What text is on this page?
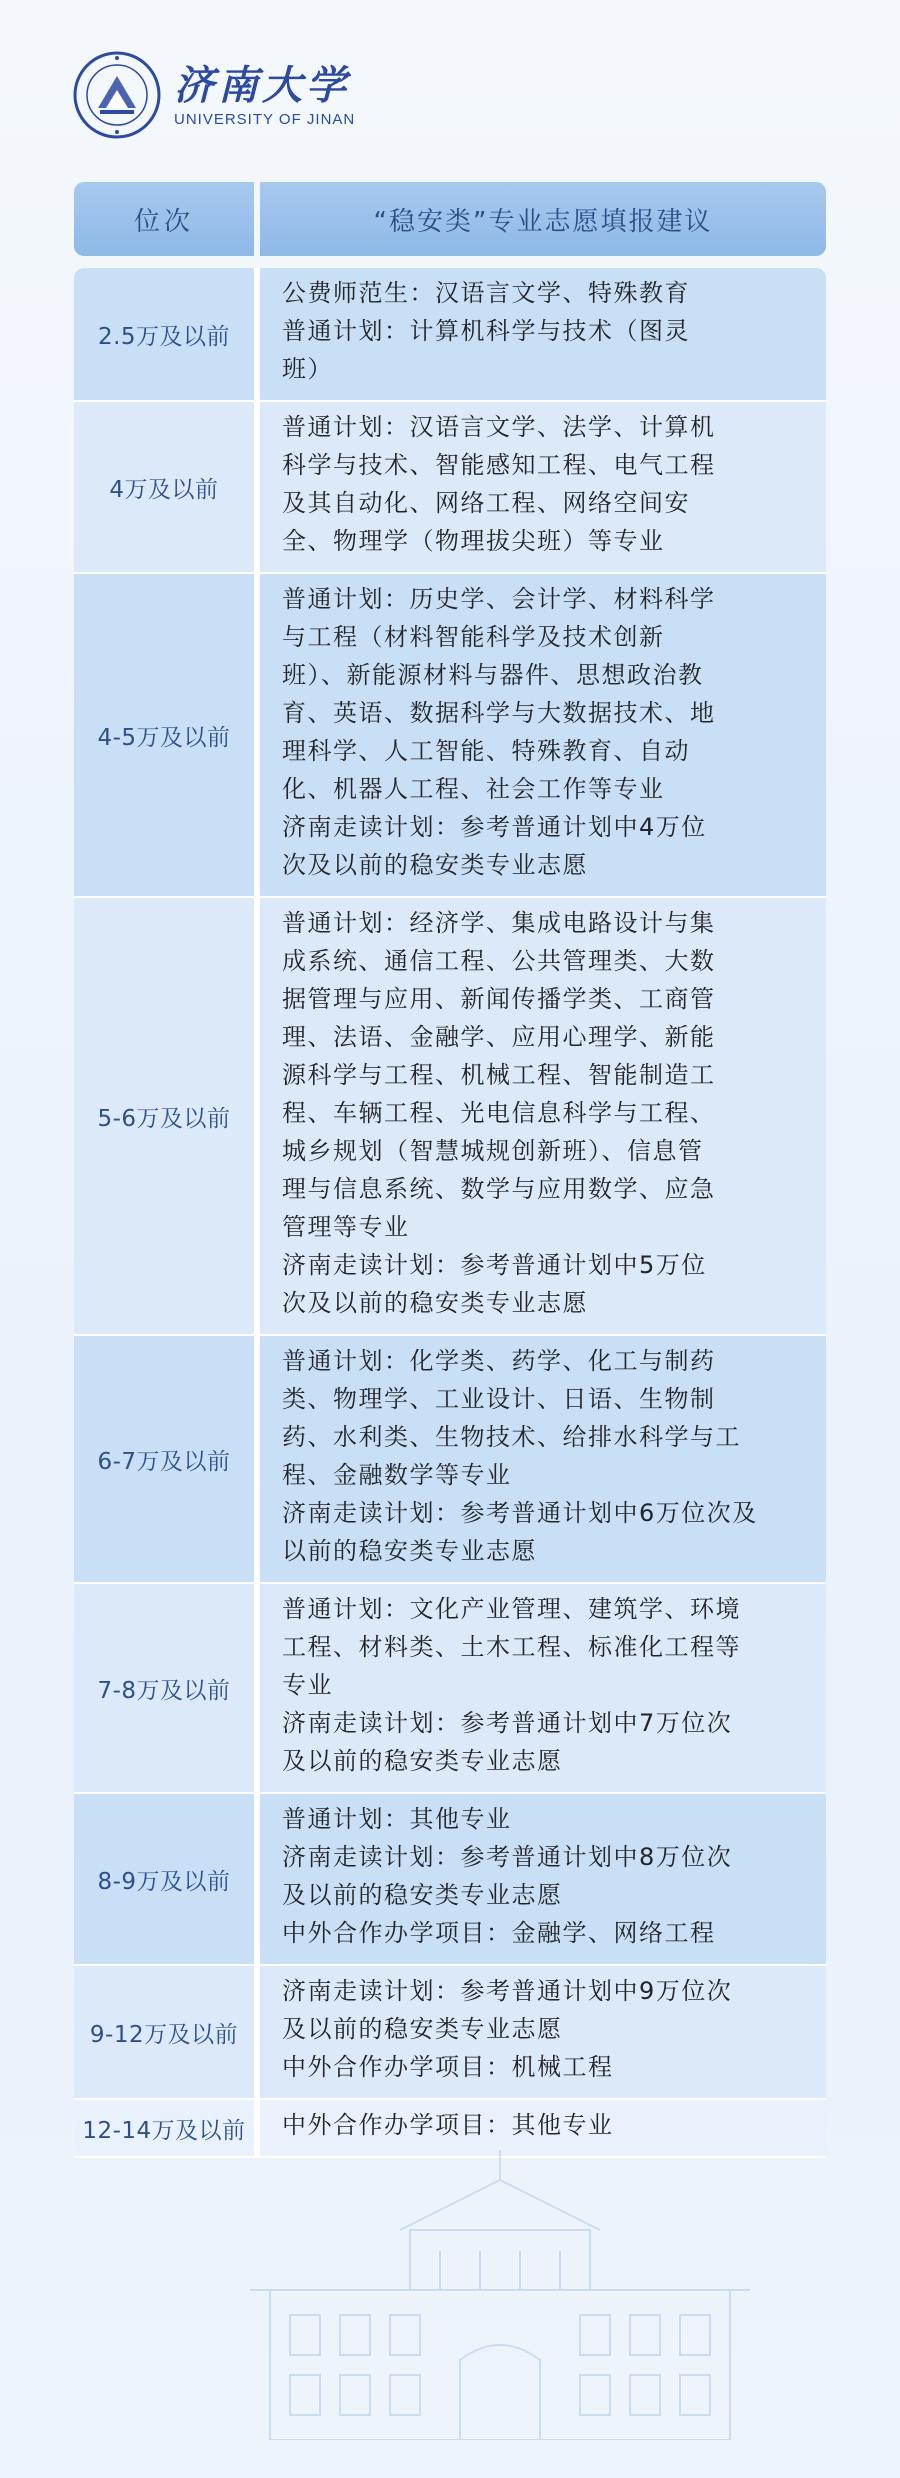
济南大学
UNIVERSITY OF JINAN
位次	“稳安类”专业志愿填报建议
2.5万及以前
公费师范生：汉语言文学、特殊教育
普通计划：计算机科学与技术（图灵
班）
4万及以前
普通计划：汉语言文学、法学、计算机
科学与技术、智能感知工程、电气工程
及其自动化、网络工程、网络空间安
全、物理学（物理拔尖班）等专业
4-5万及以前
普通计划：历史学、会计学、材料科学
与工程（材料智能科学及技术创新
班）、新能源材料与器件、思想政治教
育、英语、数据科学与大数据技术、地
理科学、人工智能、特殊教育、自动
化、机器人工程、社会工作等专业
济南走读计划：参考普通计划中4万位
次及以前的稳安类专业志愿
5-6万及以前
普通计划：经济学、集成电路设计与集
成系统、通信工程、公共管理类、大数
据管理与应用、新闻传播学类、工商管
理、法语、金融学、应用心理学、新能
源科学与工程、机械工程、智能制造工
程、车辆工程、光电信息科学与工程、
城乡规划（智慧城规创新班）、信息管
理与信息系统、数学与应用数学、应急
管理等专业
济南走读计划：参考普通计划中5万位
次及以前的稳安类专业志愿
6-7万及以前
普通计划：化学类、药学、化工与制药
类、物理学、工业设计、日语、生物制
药、水利类、生物技术、给排水科学与工
程、金融数学等专业
济南走读计划：参考普通计划中6万位次及
以前的稳安类专业志愿
7-8万及以前
普通计划：文化产业管理、建筑学、环境
工程、材料类、土木工程、标准化工程等
专业
济南走读计划：参考普通计划中7万位次
及以前的稳安类专业志愿
8-9万及以前
普通计划：其他专业
济南走读计划：参考普通计划中8万位次
及以前的稳安类专业志愿
中外合作办学项目：金融学、网络工程
9-12万及以前
济南走读计划：参考普通计划中9万位次
及以前的稳安类专业志愿
中外合作办学项目：机械工程
12-14万及以前	中外合作办学项目：其他专业
